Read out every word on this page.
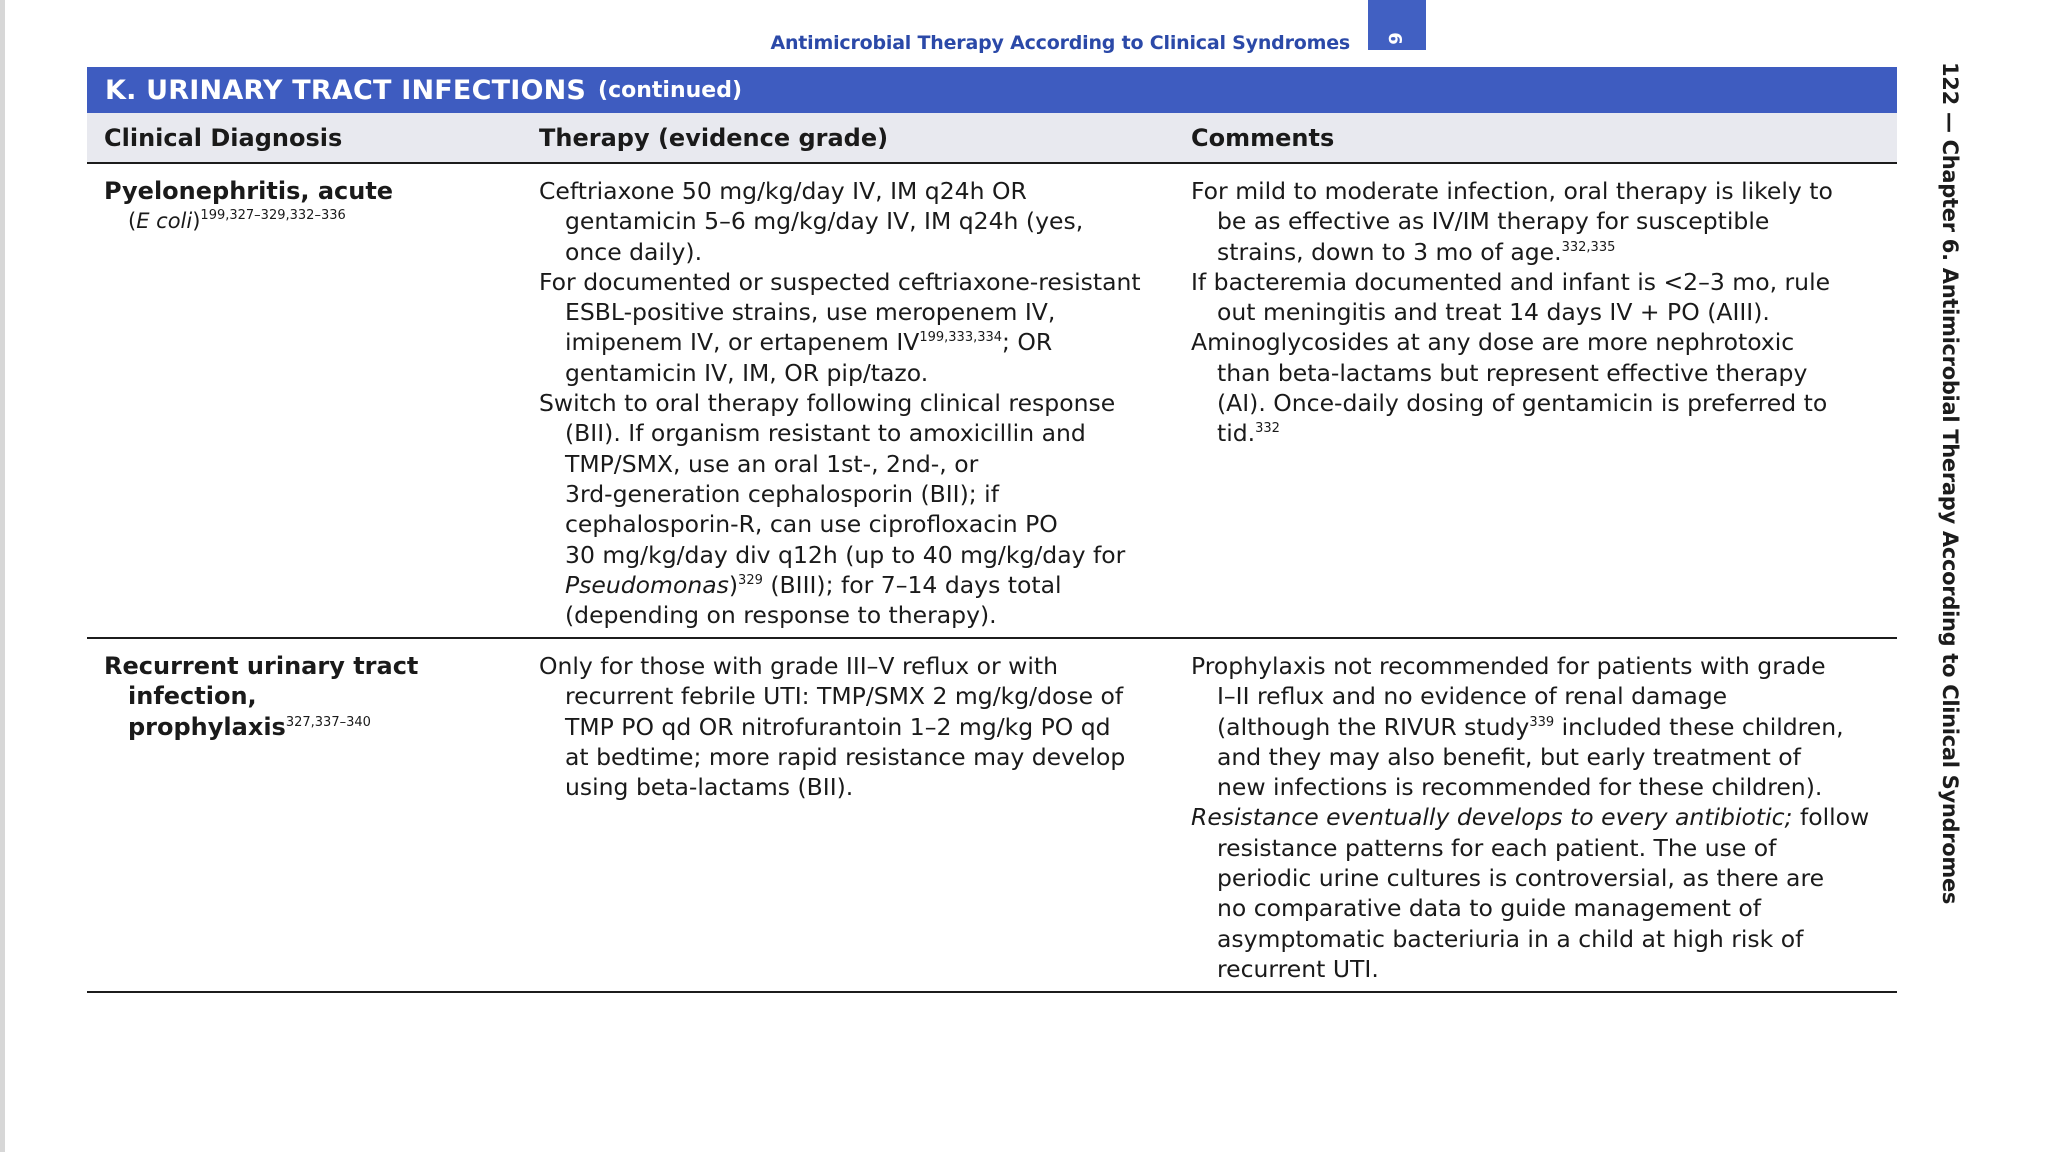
Antimicrobial Therapy According to Clinical Syndromes 6
K. URINARY TRACT INFECTIONS (continued)
Clinical Diagnosis	Therapy (evidence grade)	Comments
Pyelonephritis, acute
(E coli)$^{199,327-329,332-336}$
Ceftriaxone 50 mg/kg/day IV, IM q24h OR
gentamicin 5–6 mg/kg/day IV, IM q24h (yes,
once daily).
For documented or suspected ceftriaxone-resistant
ESBL-positive strains, use meropenem IV,
imipenem IV, or ertapenem IV$^{199,333,334}$; OR
gentamicin IV, IM, OR pip/tazo.
Switch to oral therapy following clinical response
(BII). If organism resistant to amoxicillin and
TMP/SMX, use an oral 1st-, 2nd-, or
3rd-generation cephalosporin (BII); if
cephalosporin-R, can use ciprofloxacin PO
30 mg/kg/day div q12h (up to 40 mg/kg/day for
Pseudomonas)$^{329}$ (BIII); for 7–14 days total
(depending on response to therapy).
For mild to moderate infection, oral therapy is likely to
be as effective as IV/IM therapy for susceptible
strains, down to 3 mo of age.$^{332,335}$
If bacteremia documented and infant is <2–3 mo, rule
out meningitis and treat 14 days IV + PO (AIII).
Aminoglycosides at any dose are more nephrotoxic
than beta-lactams but represent effective therapy
(AI). Once-daily dosing of gentamicin is preferred to
tid.$^{332}$
Recurrent urinary tract
infection,
prophylaxis$^{327,337-340}$
Only for those with grade III–V reflux or with
recurrent febrile UTI: TMP/SMX 2 mg/kg/dose of
TMP PO qd OR nitrofurantoin 1–2 mg/kg PO qd
at bedtime; more rapid resistance may develop
using beta-lactams (BII).
Prophylaxis not recommended for patients with grade
I–II reflux and no evidence of renal damage
(although the RIVUR study$^{339}$ included these children,
and they may also benefit, but early treatment of
new infections is recommended for these children).
Resistance eventually develops to every antibiotic; follow
resistance patterns for each patient. The use of
periodic urine cultures is controversial, as there are
no comparative data to guide management of
asymptomatic bacteriuria in a child at high risk of
recurrent UTI.
122 — Chapter 6. Antimicrobial Therapy According to Clinical Syndromes
